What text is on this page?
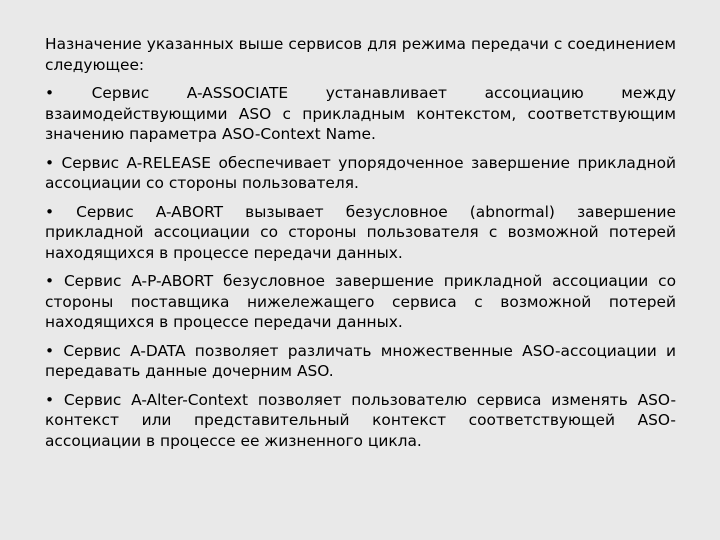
Назначение указанных выше сервисов для режима передачи с соединением следующее:

• Сервис A-ASSOCIATE устанавливает ассоциацию между взаимодействующими ASO с прикладным контекстом, соответствующим значению параметра ASO-Context Name.

• Сервис A-RELEASE обеспечивает упорядоченное завершение прикладной ассоциации со стороны пользователя.

• Сервис A-ABORT вызывает безусловное (abnormal) завершение прикладной ассоциации со стороны пользователя с возможной потерей находящихся в процессе передачи данных.

• Сервис A-P-ABORT безусловное завершение прикладной ассоциации со стороны поставщика нижележащего сервиса с возможной потерей находящихся в процессе передачи данных.

• Сервис A-DATA позволяет различать множественные ASO-ассоциации и передавать данные дочерним ASO.

• Сервис A-Alter-Context позволяет пользователю сервиса изменять ASO-контекст или представительный контекст соответствующей ASO-ассоциации в процессе ее жизненного цикла.
